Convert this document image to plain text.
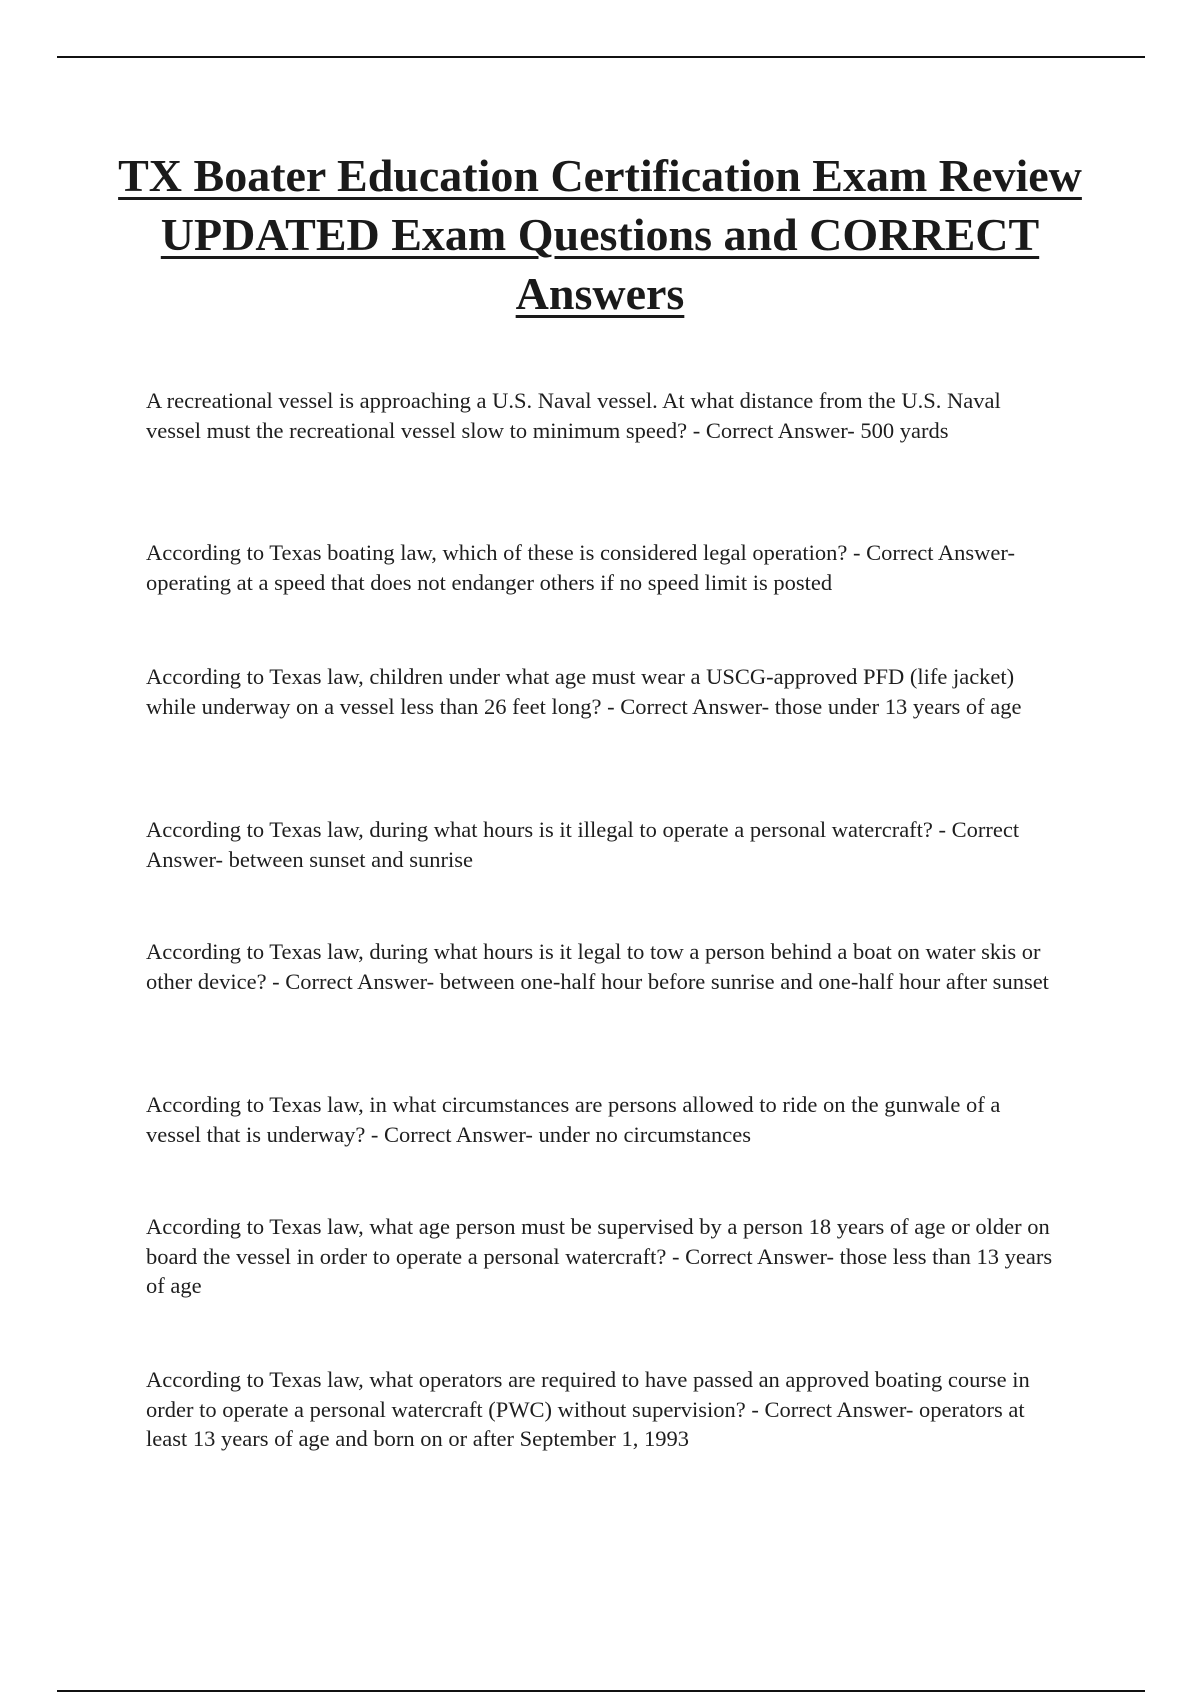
TX Boater Education Certification Exam Review UPDATED Exam Questions and CORRECT Answers

A recreational vessel is approaching a U.S. Naval vessel. At what distance from the U.S. Naval vessel must the recreational vessel slow to minimum speed? - Correct Answer- 500 yards

According to Texas boating law, which of these is considered legal operation? - Correct Answer- operating at a speed that does not endanger others if no speed limit is posted

According to Texas law, children under what age must wear a USCG-approved PFD (life jacket) while underway on a vessel less than 26 feet long? - Correct Answer- those under 13 years of age

According to Texas law, during what hours is it illegal to operate a personal watercraft? - Correct Answer- between sunset and sunrise

According to Texas law, during what hours is it legal to tow a person behind a boat on water skis or other device? - Correct Answer- between one-half hour before sunrise and one-half hour after sunset

According to Texas law, in what circumstances are persons allowed to ride on the gunwale of a vessel that is underway? - Correct Answer- under no circumstances

According to Texas law, what age person must be supervised by a person 18 years of age or older on board the vessel in order to operate a personal watercraft? - Correct Answer- those less than 13 years of age

According to Texas law, what operators are required to have passed an approved boating course in order to operate a personal watercraft (PWC) without supervision? - Correct Answer- operators at least 13 years of age and born on or after September 1, 1993
